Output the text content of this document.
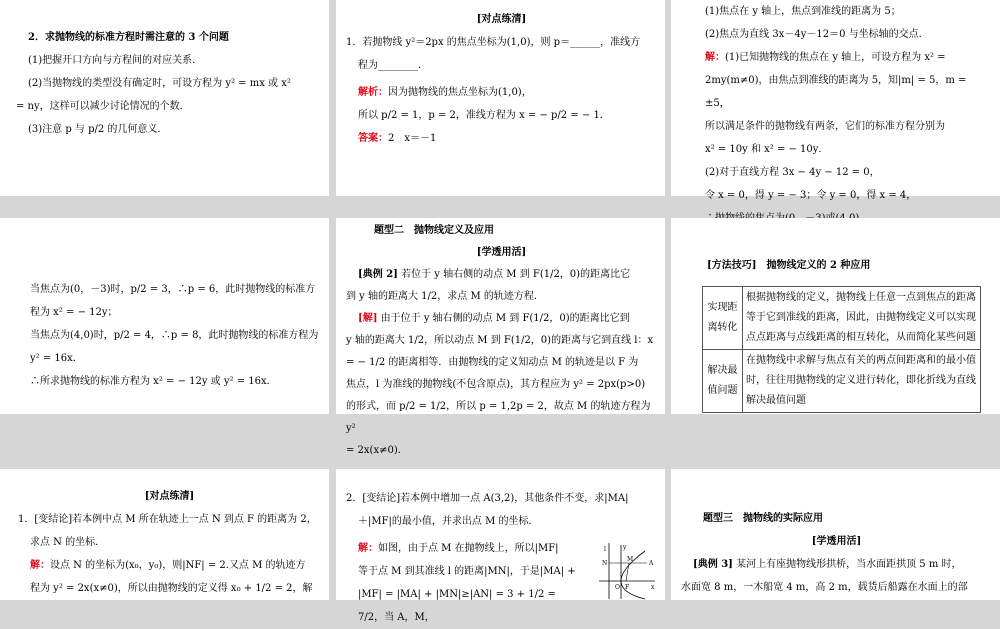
2．求抛物线的标准方程时需注意的 3 个问题

(1)把握开口方向与方程间的对应关系．

(2)当抛物线的类型没有确定时，可设方程为 y² = mx 或 x²

= ny，这样可以减少讨论情况的个数．

(3)注意 p 与 p/2 的几何意义．

[对点练清]

1．若抛物线 y²＝2px 的焦点坐标为(1,0)，则 p＝______，准线方

程为________．

解析：因为抛物线的焦点坐标为(1,0)，

所以 p/2 = 1，p = 2，准线方程为 x = − p/2 = − 1．

答案：2　x＝－1

(1)焦点在 y 轴上，焦点到准线的距离为 5；

(2)焦点为直线 3x－4y－12＝0 与坐标轴的交点．

解：(1)已知抛物线的焦点在 y 轴上，可设方程为 x² =

2my(m≠0)，由焦点到准线的距离为 5，知|m| = 5，m = ±5，

所以满足条件的抛物线有两条，它们的标准方程分别为

x² = 10y 和 x² = − 10y．

(2)对于直线方程 3x − 4y − 12 = 0，

令 x = 0，得 y = − 3；令 y = 0，得 x = 4，

当焦点为(0，－3)时，p/2 = 3，∴p = 6，此时抛物线的标准方

程为 x² = − 12y；

当焦点为(4,0)时，p/2 = 4，∴p = 8，此时抛物线的标准方程为

y² = 16x．

∴所求抛物线的标准方程为 x² = − 12y 或 y² = 16x．

题型二　抛物线定义及应用

[学透用活]

[典例 2] 若位于 y 轴右侧的动点 M 到 F(1/2，0)的距离比它

到 y 轴的距离大 1/2，求点 M 的轨迹方程．

[解] 由于位于 y 轴右侧的动点 M 到 F(1/2，0)的距离比它到

y 轴的距离大 1/2，所以动点 M 到 F(1/2，0)的距离与它到直线 l：x

= − 1/2 的距离相等．由抛物线的定义知动点 M 的轨迹是以 F 为

焦点，l 为准线的抛物线(不包含原点)，其方程应为 y² = 2px(p>0)

的形式，而 p/2 = 1/2，所以 p = 1,2p = 2，故点 M 的轨迹方程为 y²

= 2x(x≠0)．

[方法技巧]　抛物线定义的 2 种应用

实现距离转化	根据抛物线的定义，抛物线上任意一点到焦点的距离等于它到准线的距离，因此，由抛物线定义可以实现点点距离与点线距离的相互转化，从而简化某些问题
解决最值问题	在抛物线中求解与焦点有关的两点间距离和的最小值时，往往用抛物线的定义进行转化，即化折线为直线解决最值问题

[对点练清]

1．[变结论]若本例中点 M 所在轨迹上一点 N 到点 F 的距离为 2，

求点 N 的坐标．

解：设点 N 的坐标为(x₀，y₀)，则|NF| = 2.又点 M 的轨迹方

程为 y² = 2x(x≠0)，所以由抛物线的定义得 x₀ + 1/2 = 2，解

2．[变结论]若本例中增加一点 A(3,2)，其他条件不变，求|MA|

＋|MF|的最小值，并求出点 M 的坐标．

解：如图，由于点 M 在抛物线上，所以|MF|

等于点 M 到其准线 l 的距离|MN|，于是|MA| +

|MF| = |MA| + |MN|≥|AN| = 3 + 1/2 = 7/2，当 A，M，

l
N
M
A
O F	x
y

题型三　抛物线的实际应用

[学透用活]

[典例 3] 某河上有座抛物线形拱桥，当水面距拱顶 5 m 时，

水面宽 8 m，一木船宽 4 m，高 2 m，载货后船露在水面上的部
